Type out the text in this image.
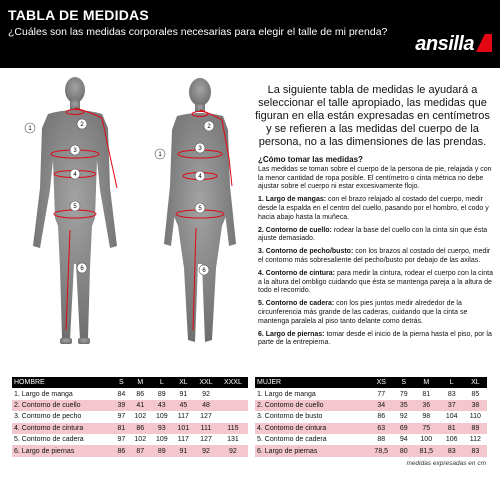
TABLA DE MEDIDAS
¿Cuáles son las medidas corporales necesarias para elegir el talle de mi prenda?
ansilla
1
2
3
4
5
6
1
2
3
4
5
6
La siguiente tabla de medidas le ayudará a seleccionar el talle apropiado, las medidas que figuran en ella están expresadas en centímetros y se refieren a las medidas del cuerpo de la persona, no a las dimensiones de las prendas.
¿Cómo tomar las medidas?
Las medidas se toman sobre el cuerpo de la persona de pie, relajada y con la menor cantidad de ropa posible. El centímetro o cinta métrica no debe ajustar sobre el cuerpo ni estar excesivamente flojo.
1. Largo de mangas: con el brazo relajado al costado del cuerpo, medir desde la espalda en el centro del cuello, pasando por el hombro, el codo y hacia abajo hasta la muñeca.
2. Contorno de cuello: rodear la base del cuello con la cinta sin que ésta ajuste demasiado.
3. Contorno de pecho/busto: con los brazos al costado del cuerpo, medir el contorno más sobresaliente del pecho/busto por debajo de las axilas.
4. Contorno de cintura: para medir la cintura, rodear el cuerpo con la cinta a la altura del ombligo cuidando que ésta se mantenga pareja a la altura de todo el recorrido.
5. Contorno de cadera: con los pies juntos medir alrededor de la circunferencia más grande de las caderas, cuidando que la cinta se mantenga paralela al piso tanto delante como detrás.
6. Largo de piernas: tomar desde el inicio de la pierna hasta el piso, por la parte de la entrepierna.
HOMBRE	S	M	L	XL	XXL	XXXL
1. Largo de manga	84	86	89	91	92	
2. Contorno de cuello	39	41	43	45	48	
3. Contorno de pecho	97	102	109	117	127	
4. Contorno de cintura	81	86	93	101	111	115
5. Contorno de cadera	97	102	109	117	127	131
6. Largo de piernas	86	87	89	91	92	92
MUJER	XS	S	M	L	XL
1. Largo de manga	77	79	81	83	85
2. Contorno de cuello	34	35	36	37	38
3. Contorno de busto	86	92	98	104	110
4. Contorno de cintura	63	69	75	81	89
5. Contorno de cadera	88	94	100	106	112
6. Largo de piernas	78,5	80	81,5	83	83
medidas expresadas en cm
